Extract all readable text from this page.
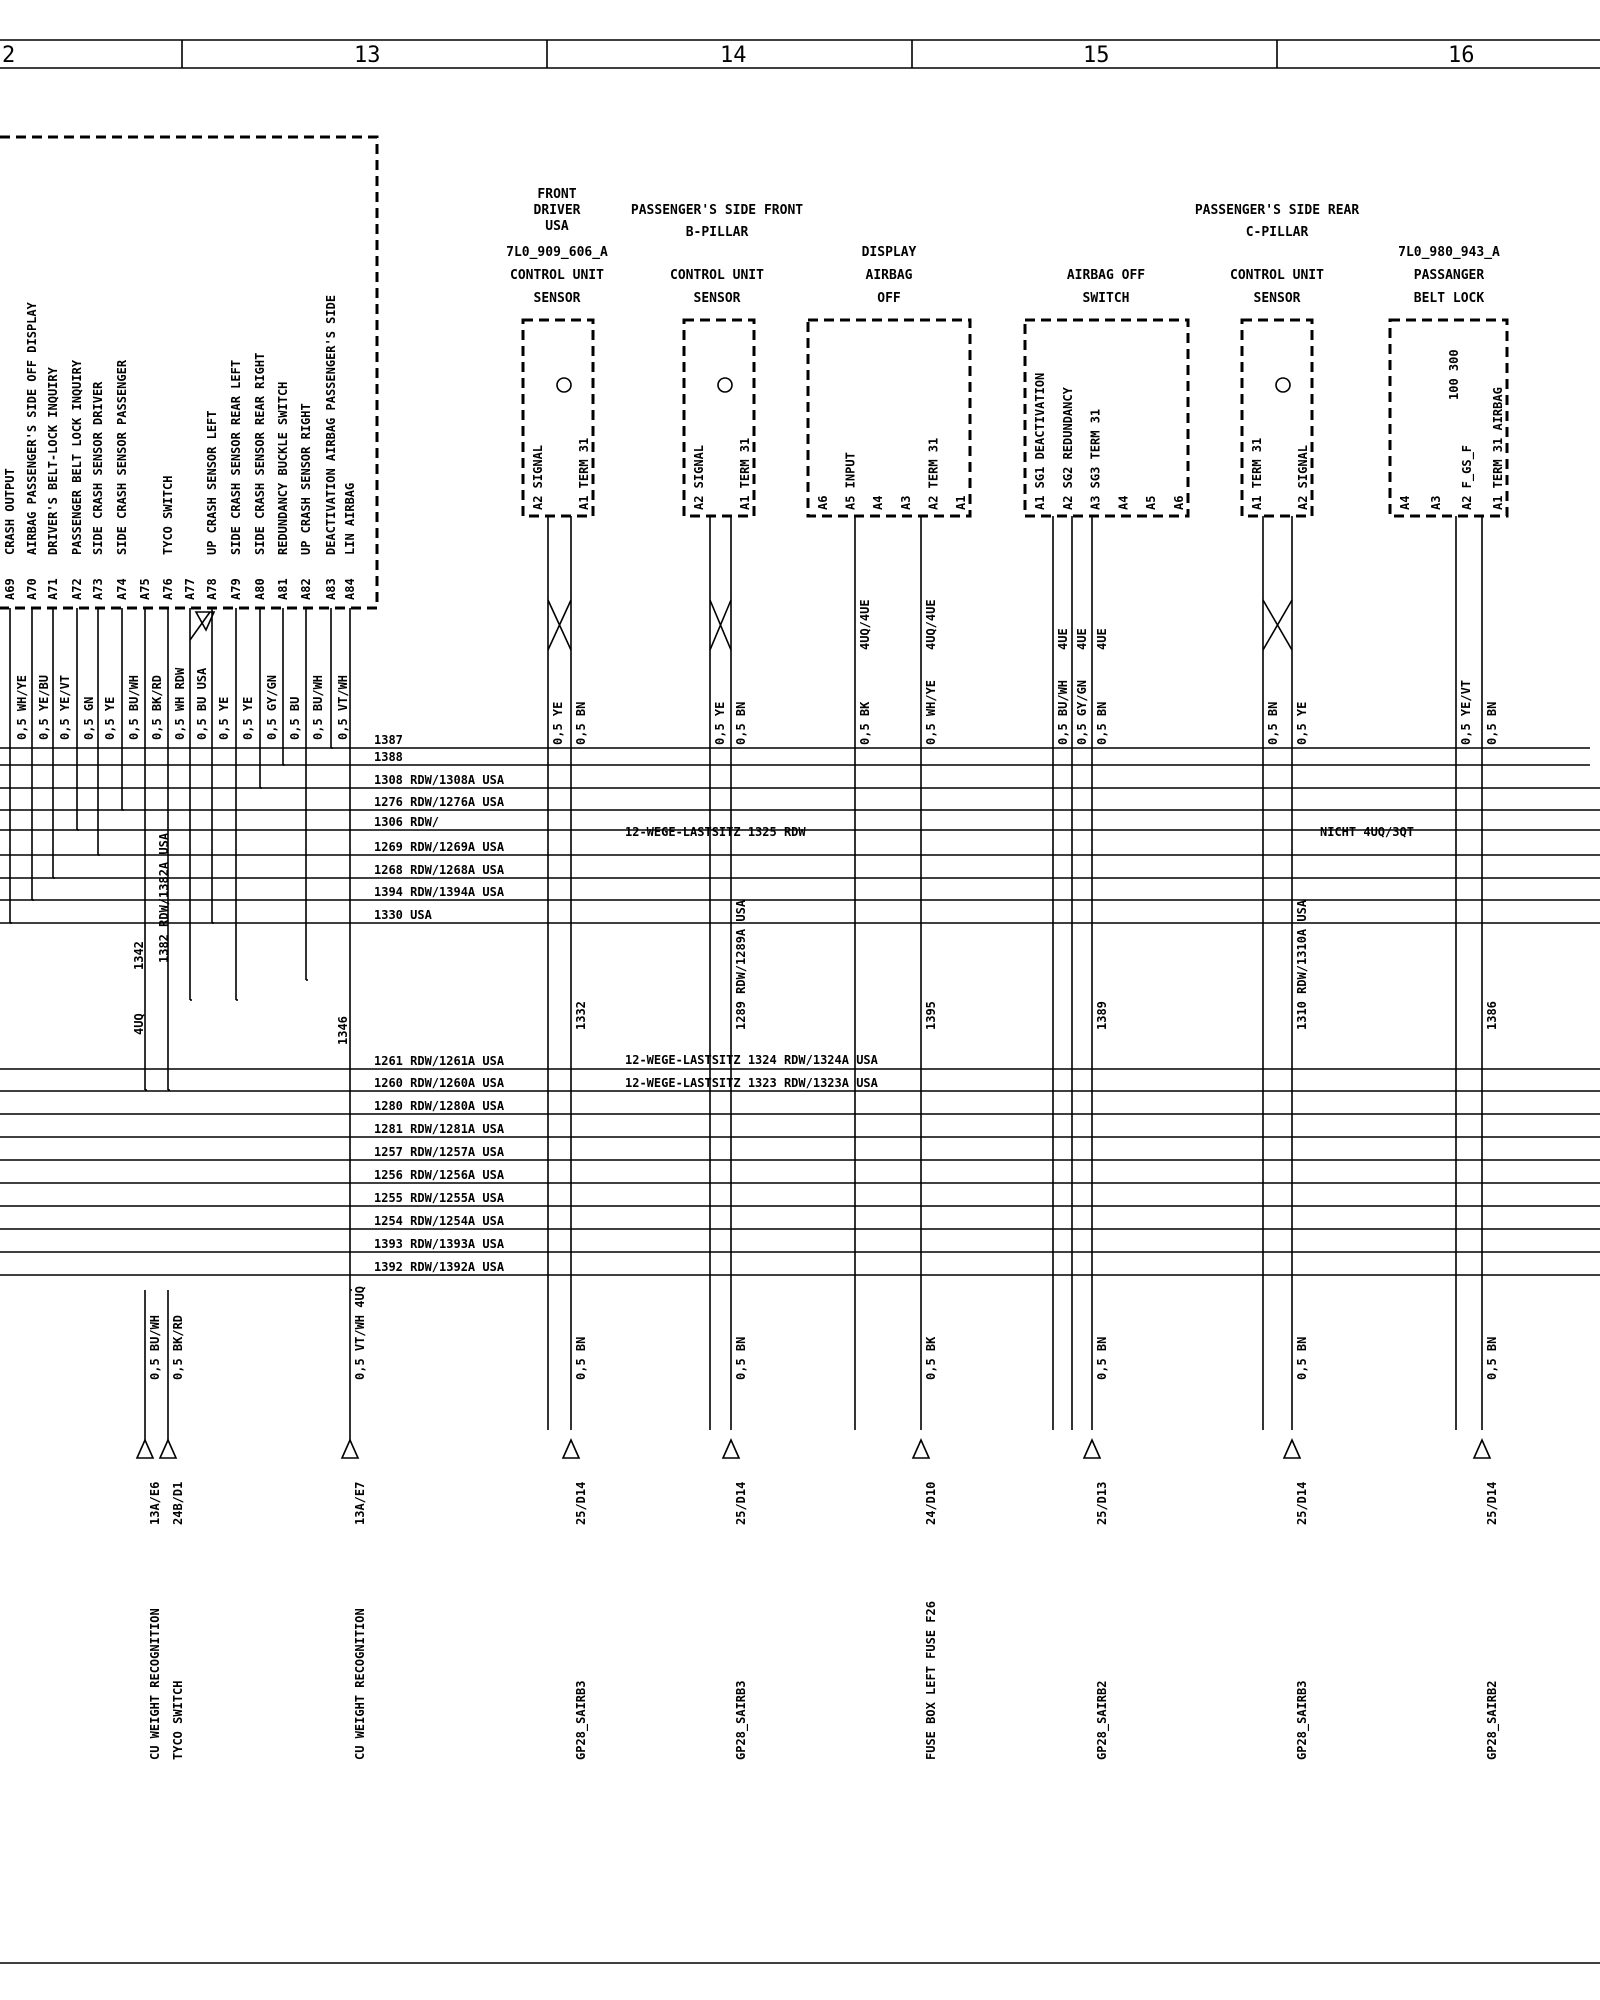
2	13	14	15	16
A69
CRASH OUTPUT
0,5 WH/YE
A70
AIRBAG PASSENGER'S SIDE OFF DISPLAY
0,5 YE/BU
A71
DRIVER'S BELT-LOCK INQUIRY
0,5 YE/VT
A72
PASSENGER BELT LOCK INQUIRY
0,5 GN
A73
SIDE CRASH SENSOR DRIVER
0,5 YE
A74
SIDE CRASH SENSOR PASSENGER
0,5 BU/WH
A75
0,5 BK/RD
A76
TYCO SWITCH
0,5 WH RDW
A77
0,5 BU USA
A78
UP CRASH SENSOR LEFT
0,5 YE
A79
SIDE CRASH SENSOR REAR LEFT
0,5 YE
A80
SIDE CRASH SENSOR REAR RIGHT
0,5 GY/GN
A81
REDUNDANCY BUCKLE SWITCH
0,5 BU
A82
UP CRASH SENSOR RIGHT
0,5 BU/WH
A83
DEACTIVATION AIRBAG PASSENGER'S SIDE
0,5 VT/WH
A84
LIN AIRBAG
FRONT
DRIVER
USA
7L0_909_606_A
CONTROL UNIT
SENSOR
A2 SIGNAL	A1 TERM 31
0,5 YE 0,5 BN
1332
0,5 BN
25/D14
GP28_SAIRB3
PASSENGER'S SIDE FRONT
B-PILLAR
CONTROL UNIT
SENSOR
A2 SIGNAL	A1 TERM 31
0,5 YE 0,5 BN
1289 RDW/1289A USA
0,5 BN
25/D14
GP28_SAIRB3
DISPLAY
AIRBAG
OFF
A6 A5 INPUT A4 A3 A2 TERM 31 A1
0,5 BK
4UQ/4UE
0,5 WH/YE
4UQ/4UE
1395
0,5 BK
24/D10
FUSE BOX LEFT FUSE F26
AIRBAG OFF
SWITCH
A1 SG1 DEACTIVATION A2 SG2 REDUNDANCY A3 SG3 TERM 31 A4 A5 A6
0,5 BU/WH
4UE
0,5 GY/GN
4UE
0,5 BN
4UE
1389
0,5 BN
25/D13
GP28_SAIRB2
PASSENGER'S SIDE REAR
C-PILLAR
CONTROL UNIT
SENSOR
A1 TERM 31	A2 SIGNAL
0,5 BN 0,5 YE
1310 RDW/1310A USA
0,5 BN
25/D14
GP28_SAIRB3
7L0_980_943_A
PASSANGER
BELT LOCK
A4 A3 A2 F_GS_F A1 TERM 31 AIRBAG
100 300
0,5 YE/VT 0,5 BN
1386
0,5 BN
25/D14
GP28_SAIRB2
1387
1388
1308 RDW/1308A USA
1276 RDW/1276A USA
1306 RDW/
1269 RDW/1269A USA
1268 RDW/1268A USA
1394 RDW/1394A USA
1330 USA
1261 RDW/1261A USA
1260 RDW/1260A USA
1280 RDW/1280A USA
1281 RDW/1281A USA
1257 RDW/1257A USA
1256 RDW/1256A USA
1255 RDW/1255A USA
1254 RDW/1254A USA
1393 RDW/1393A USA
1392 RDW/1392A USA
12-WEGE-LASTSITZ 1325 RDW
12-WEGE-LASTSITZ 1324 RDW/1324A USA
12-WEGE-LASTSITZ 1323 RDW/1323A USA
NICHT 4UQ/3QT
1342 1382 RDW/1382A USA
4UQ	1346
0,5 BU/WH
13A/E6
CU WEIGHT RECOGNITION
0,5 BK/RD
24B/D1
TYCO SWITCH
0,5 VT/WH 4UQ
13A/E7
CU WEIGHT RECOGNITION
